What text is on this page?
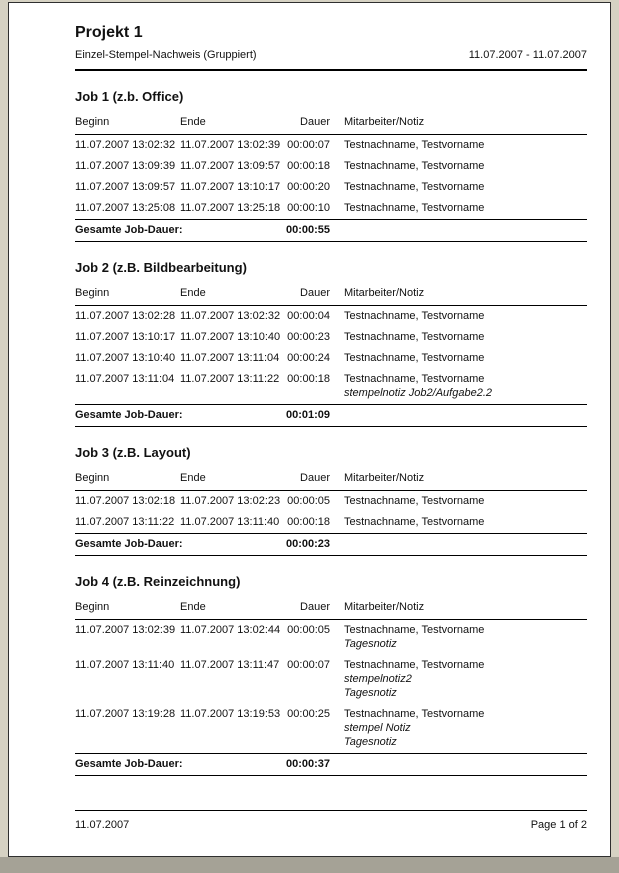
Projekt 1
Einzel-Stempel-Nachweis (Gruppiert)	11.07.2007 - 11.07.2007
Job 1 (z.b. Office)
Beginn	Ende	Dauer	Mitarbeiter/Notiz
11.07.2007 13:02:32 11.07.2007 13:02:39 00:00:07 Testnachname, Testvorname
11.07.2007 13:09:39 11.07.2007 13:09:57 00:00:18 Testnachname, Testvorname
11.07.2007 13:09:57 11.07.2007 13:10:17 00:00:20 Testnachname, Testvorname
11.07.2007 13:25:08 11.07.2007 13:25:18 00:00:10 Testnachname, Testvorname
Gesamte Job-Dauer:	00:00:55
Job 2 (z.B. Bildbearbeitung)
Beginn	Ende	Dauer	Mitarbeiter/Notiz
11.07.2007 13:02:28 11.07.2007 13:02:32 00:00:04 Testnachname, Testvorname
11.07.2007 13:10:17 11.07.2007 13:10:40 00:00:23 Testnachname, Testvorname
11.07.2007 13:10:40 11.07.2007 13:11:04 00:00:24 Testnachname, Testvorname
11.07.2007 13:11:04 11.07.2007 13:11:22 00:00:18 Testnachname, Testvorname
stempelnotiz Job2/Aufgabe2.2
Gesamte Job-Dauer:	00:01:09
Job 3 (z.B. Layout)
Beginn	Ende	Dauer	Mitarbeiter/Notiz
11.07.2007 13:02:18 11.07.2007 13:02:23 00:00:05 Testnachname, Testvorname
11.07.2007 13:11:22 11.07.2007 13:11:40 00:00:18 Testnachname, Testvorname
Gesamte Job-Dauer:	00:00:23
Job 4 (z.B. Reinzeichnung)
Beginn	Ende	Dauer	Mitarbeiter/Notiz
11.07.2007 13:02:39 11.07.2007 13:02:44 00:00:05 Testnachname, Testvorname
Tagesnotiz
11.07.2007 13:11:40 11.07.2007 13:11:47 00:00:07 Testnachname, Testvorname
stempelnotiz2
Tagesnotiz
11.07.2007 13:19:28 11.07.2007 13:19:53 00:00:25 Testnachname, Testvorname
stempel Notiz
Tagesnotiz
Gesamte Job-Dauer:	00:00:37
11.07.2007	Page 1 of 2
